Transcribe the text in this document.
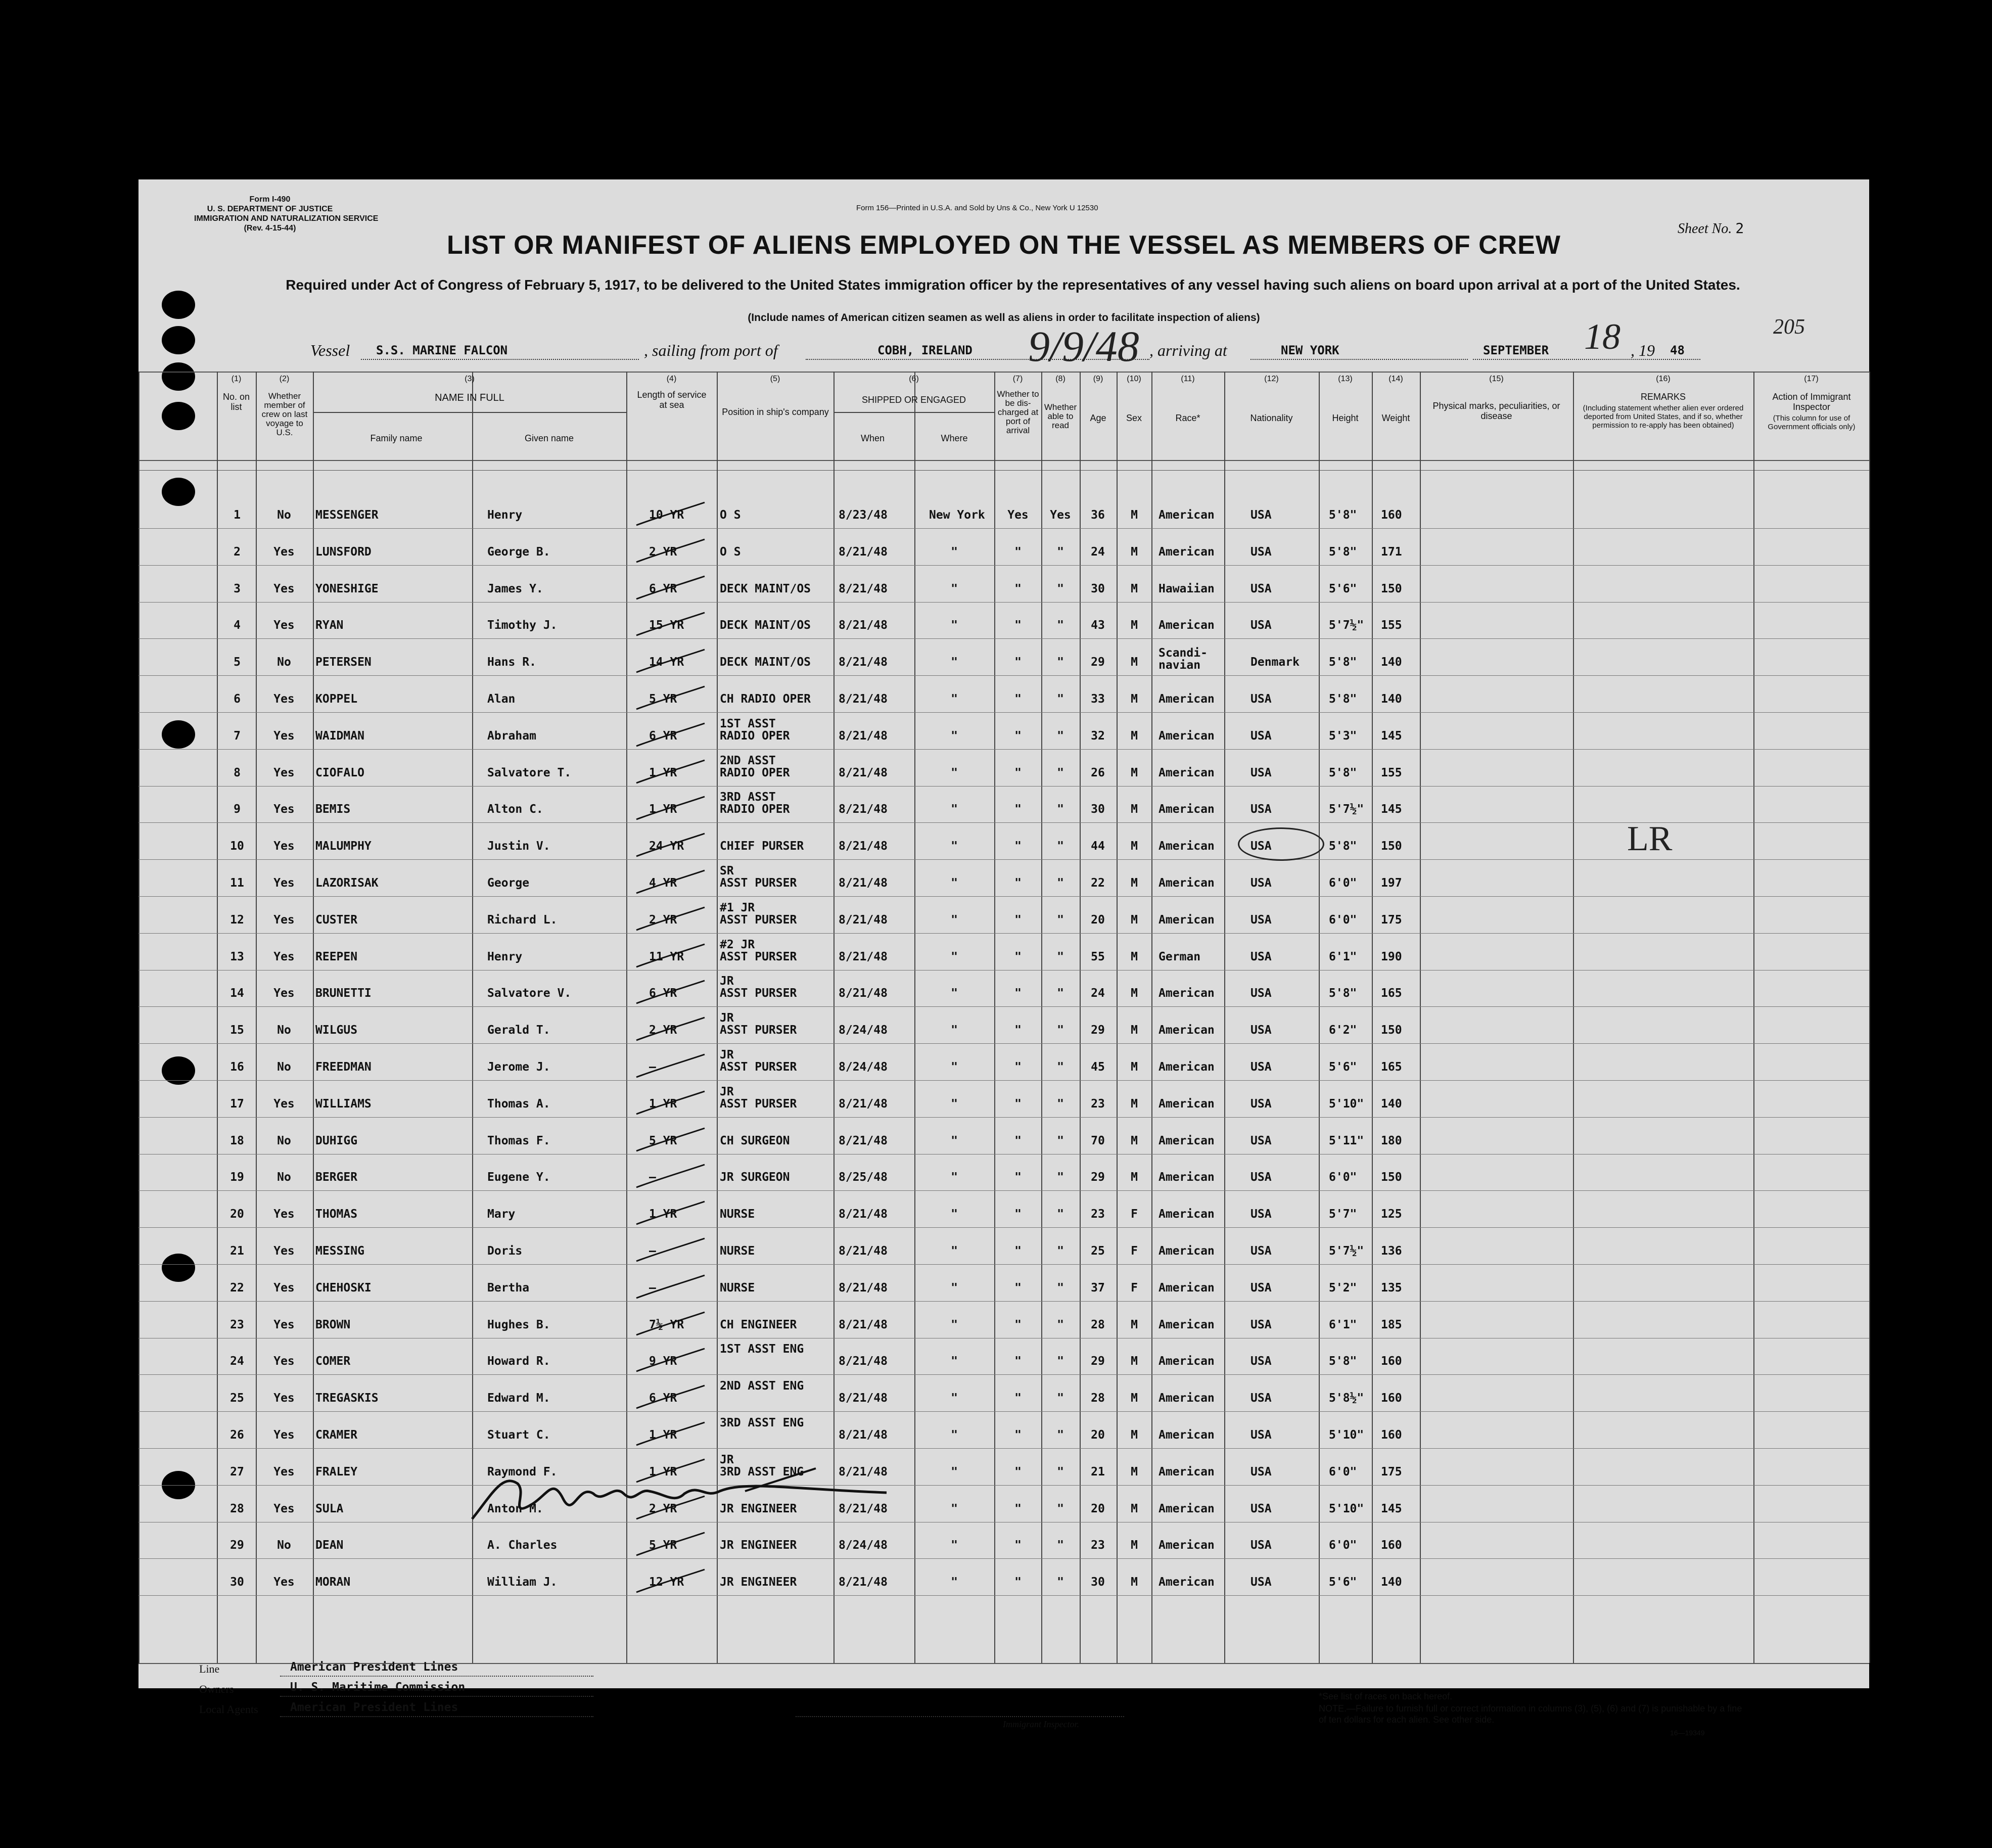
Form I-490
U. S. DEPARTMENT OF JUSTICE
IMMIGRATION AND NATURALIZATION SERVICE
(Rev. 4-15-44)
Form 156—Printed in U.S.A. and Sold by Uns & Co., New York U 12530
Sheet No. 2
LIST OR MANIFEST OF ALIENS EMPLOYED ON THE VESSEL AS MEMBERS OF CREW
Required under Act of Congress of February 5, 1917, to be delivered to the United States immigration officer by the representatives of any vessel having such aliens on board upon arrival at a port of the United States.
(Include names of American citizen seamen as well as aliens in order to facilitate inspection of aliens)	205
Vessel S.S. MARINE FALCON	, sailing from port of	COBH, IRELAND 9/9/48 , arriving at	NEW YORK	SEPTEMBER 18 , 19 48
(1)	(2)	(3)	(4)	(5)	(6)	(7)	(8)	(9)	(10)	(11)	(12)	(13)	(14)	(15)	(16)	(17)
No. on list
Whether member of crew on last voyage to U.S.
NAME IN FULL
Family name	Given name
Length of service at sea
Position in ship's company
SHIPPED OR ENGAGED
When	Where
Whether to be dis-charged at port of arrival
Whether able to read
Age	Sex	Race*	Nationality	Height	Weight
Physical marks, peculiarities, or disease
REMARKS
(Including statement whether alien ever ordered deported from United States, and if so, whether permission to re-apply has been obtained)
Action of Immigrant Inspector
(This column for use of Government officials only)
1	No	MESSENGER	Henry	10 YR	O S	8/23/48	New York	Yes	Yes	36	M	American	USA	5'8" 160
2	Yes	LUNSFORD	George B.	2 YR	O S	8/21/48	"	"	"	24	M	American	USA	5'8" 171
3	Yes	YONESHIGE	James Y.	6 YR	DECK MAINT/OS 8/21/48	"	"	"	30	M	Hawaiian	USA	5'6" 150
4	Yes	RYAN	Timothy J.	15 YR	DECK MAINT/OS 8/21/48	"	"	"	43	M	American	USA	5'7½" 155
5	No	PETERSEN	Hans R.	14 YR	DECK MAINT/OS 8/21/48	"	"	"	29	M
Scandi-
navian	Denmark	5'8" 140
6	Yes	KOPPEL	Alan	5 YR	CH RADIO OPER 8/21/48	"	"	"	33	M	American	USA	5'8" 140
7	Yes	WAIDMAN	Abraham	6 YR
1ST ASST
RADIO OPER	8/21/48	"	"	"	32	M	American	USA	5'3" 145
8	Yes	CIOFALO	Salvatore T.	1 YR
2ND ASST
RADIO OPER	8/21/48	"	"	"	26	M	American	USA	5'8" 155
9	Yes	BEMIS	Alton C.	1 YR
3RD ASST
RADIO OPER	8/21/48	"	"	"	30	M	American	USA	5'7½" 145
10	Yes	MALUMPHY	Justin V.	24 YR	CHIEF PURSER	8/21/48	"	"	"	44	M	American	USA	5'8" 150
11	Yes	LAZORISAK	George	4 YR
SR
ASST PURSER	8/21/48	"	"	"	22	M	American	USA	6'0" 197
12	Yes	CUSTER	Richard L.	2 YR
#1 JR
ASST PURSER	8/21/48	"	"	"	20	M	American	USA	6'0" 175
13	Yes	REEPEN	Henry	11 YR
#2 JR
ASST PURSER	8/21/48	"	"	"	55	M	German	USA	6'1" 190
14	Yes	BRUNETTI	Salvatore V.	6 YR
JR
ASST PURSER	8/21/48	"	"	"	24	M	American	USA	5'8" 165
15	No	WILGUS	Gerald T.	2 YR
JR
ASST PURSER	8/24/48	"	"	"	29	M	American	USA	6'2" 150
16	No	FREEDMAN	Jerome J.	—
JR
ASST PURSER	8/24/48	"	"	"	45	M	American	USA	5'6" 165
17	Yes	WILLIAMS	Thomas A.	1 YR
JR
ASST PURSER	8/21/48	"	"	"	23	M	American	USA	5'10" 140
18	No	DUHIGG	Thomas F.	5 YR	CH SURGEON	8/21/48	"	"	"	70	M	American	USA	5'11" 180
19	No	BERGER	Eugene Y.	—	JR SURGEON	8/25/48	"	"	"	29	M	American	USA	6'0" 150
20	Yes	THOMAS	Mary	1 YR	NURSE	8/21/48	"	"	"	23	F	American	USA	5'7" 125
21	Yes	MESSING	Doris	—	NURSE	8/21/48	"	"	"	25	F	American	USA	5'7½" 136
22	Yes	CHEHOSKI	Bertha	—	NURSE	8/21/48	"	"	"	37	F	American	USA	5'2" 135
23	Yes	BROWN	Hughes B.	7½ YR	CH ENGINEER	8/21/48	"	"	"	28	M	American	USA	6'1" 185
24	Yes	COMER	Howard R.	9 YR
1ST ASST ENG
8/21/48	"	"	"	29	M	American	USA	5'8" 160
25	Yes	TREGASKIS	Edward M.	6 YR
2ND ASST ENG
8/21/48	"	"	"	28	M	American	USA	5'8½" 160
26	Yes	CRAMER	Stuart C.	1 YR
3RD ASST ENG
8/21/48	"	"	"	20	M	American	USA	5'10" 160
27	Yes	FRALEY	Raymond F.	1 YR
JR
3RD ASST ENG	8/21/48	"	"	"	21	M	American	USA	6'0" 175
28	Yes	SULA	Anton M.	2 YR	JR ENGINEER	8/21/48	"	"	"	20	M	American	USA	5'10" 145
29	No	DEAN	A. Charles	5 YR	JR ENGINEER	8/24/48	"	"	"	23	M	American	USA	6'0" 160
30	Yes	MORAN	William J.	12 YR	JR ENGINEER	8/21/48	"	"	"	30	M	American	USA	5'6" 140
LR
Line	American President Lines
Owners	U. S. Maritime Commission
Local Agents	American President Lines
Immigrant Inspector.
*See list of races on back hereof.
NOTE.—Failure to furnish full or correct information in columns (3), (5), (6) and (7) is punishable by a fine of ten dollars for each alien. See other side.
16—19349
